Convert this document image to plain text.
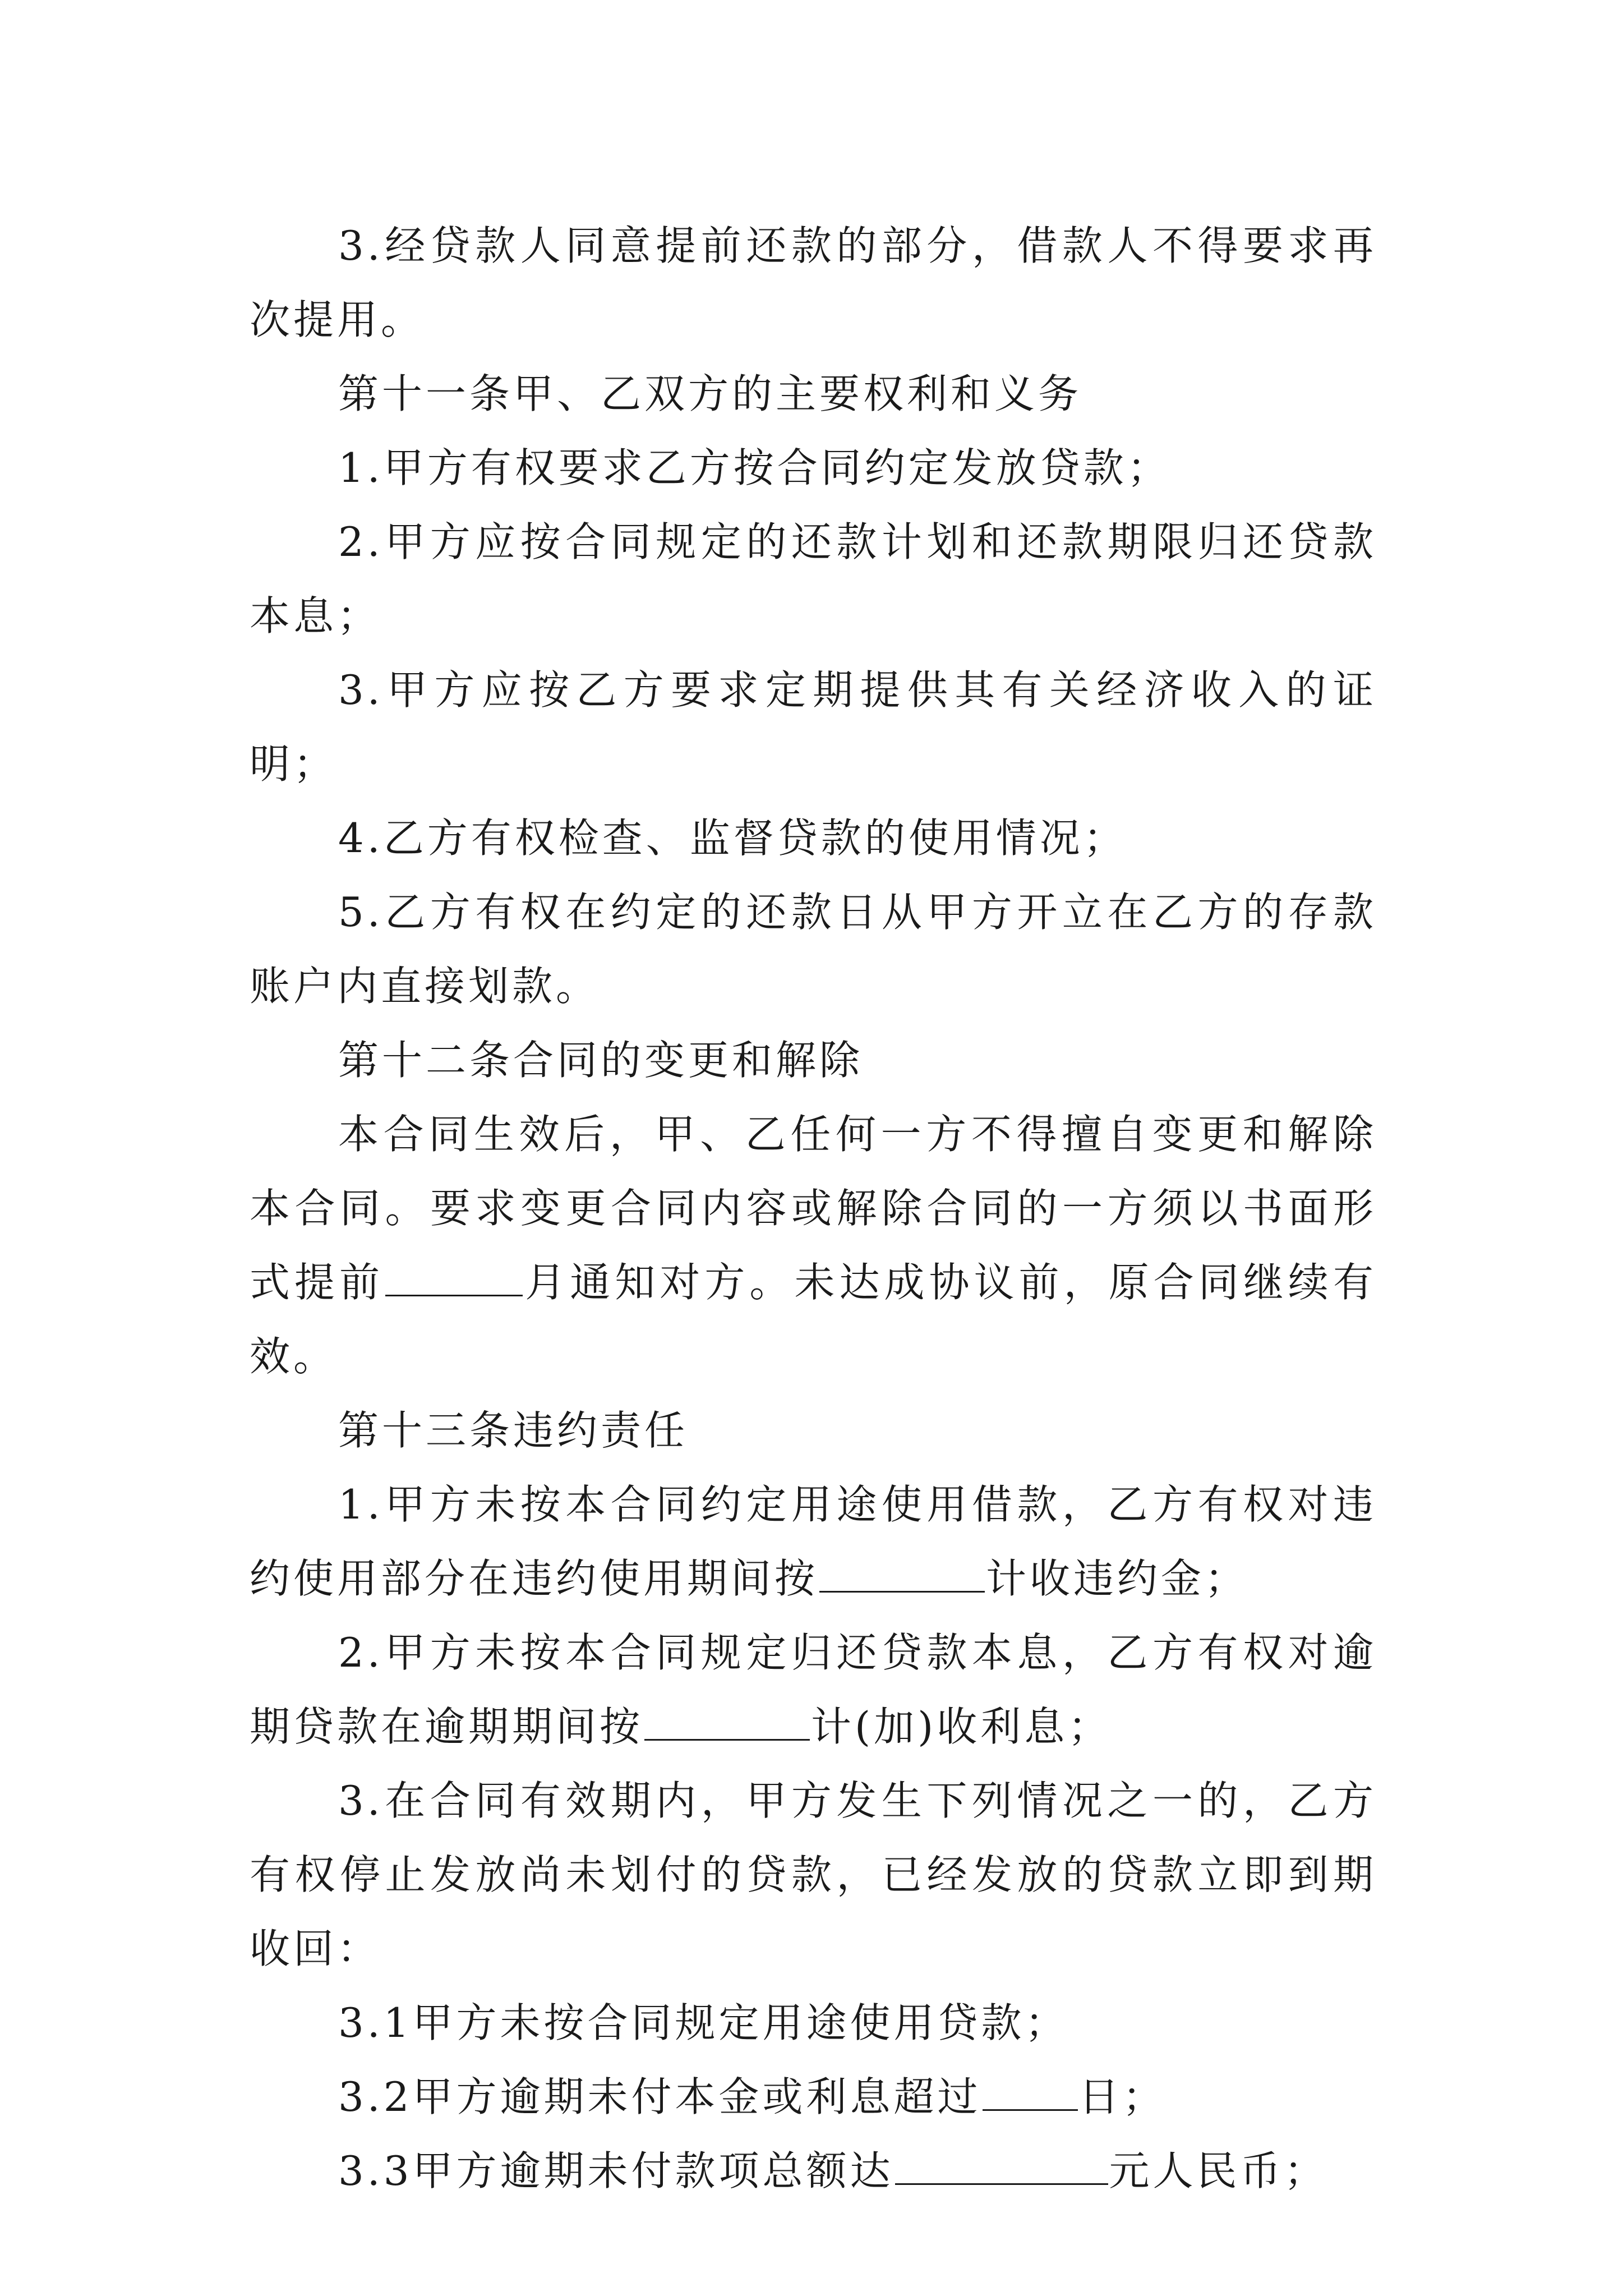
3.经贷款人同意提前还款的部分，借款人不得要求再次提用。

第十一条甲、乙双方的主要权利和义务

1.甲方有权要求乙方按合同约定发放贷款；

2.甲方应按合同规定的还款计划和还款期限归还贷款本息；

3.甲方应按乙方要求定期提供其有关经济收入的证明；

4.乙方有权检查、监督贷款的使用情况；

5.乙方有权在约定的还款日从甲方开立在乙方的存款账户内直接划款。

第十二条合同的变更和解除

本合同生效后，甲、乙任何一方不得擅自变更和解除本合同。要求变更合同内容或解除合同的一方须以书面形式提前	月通知对方。未达成协议前，原合同继续有效。

第十三条违约责任

1.甲方未按本合同约定用途使用借款，乙方有权对违约使用部分在违约使用期间按	计收违约金；

2.甲方未按本合同规定归还贷款本息，乙方有权对逾期贷款在逾期期间按	计(加)收利息；

3.在合同有效期内，甲方发生下列情况之一的，乙方有权停止发放尚未划付的贷款，已经发放的贷款立即到期收回：

3.1甲方未按合同规定用途使用贷款；

3.2甲方逾期未付本金或利息超过 日；

3.3甲方逾期未付款项总额达	元人民币；
